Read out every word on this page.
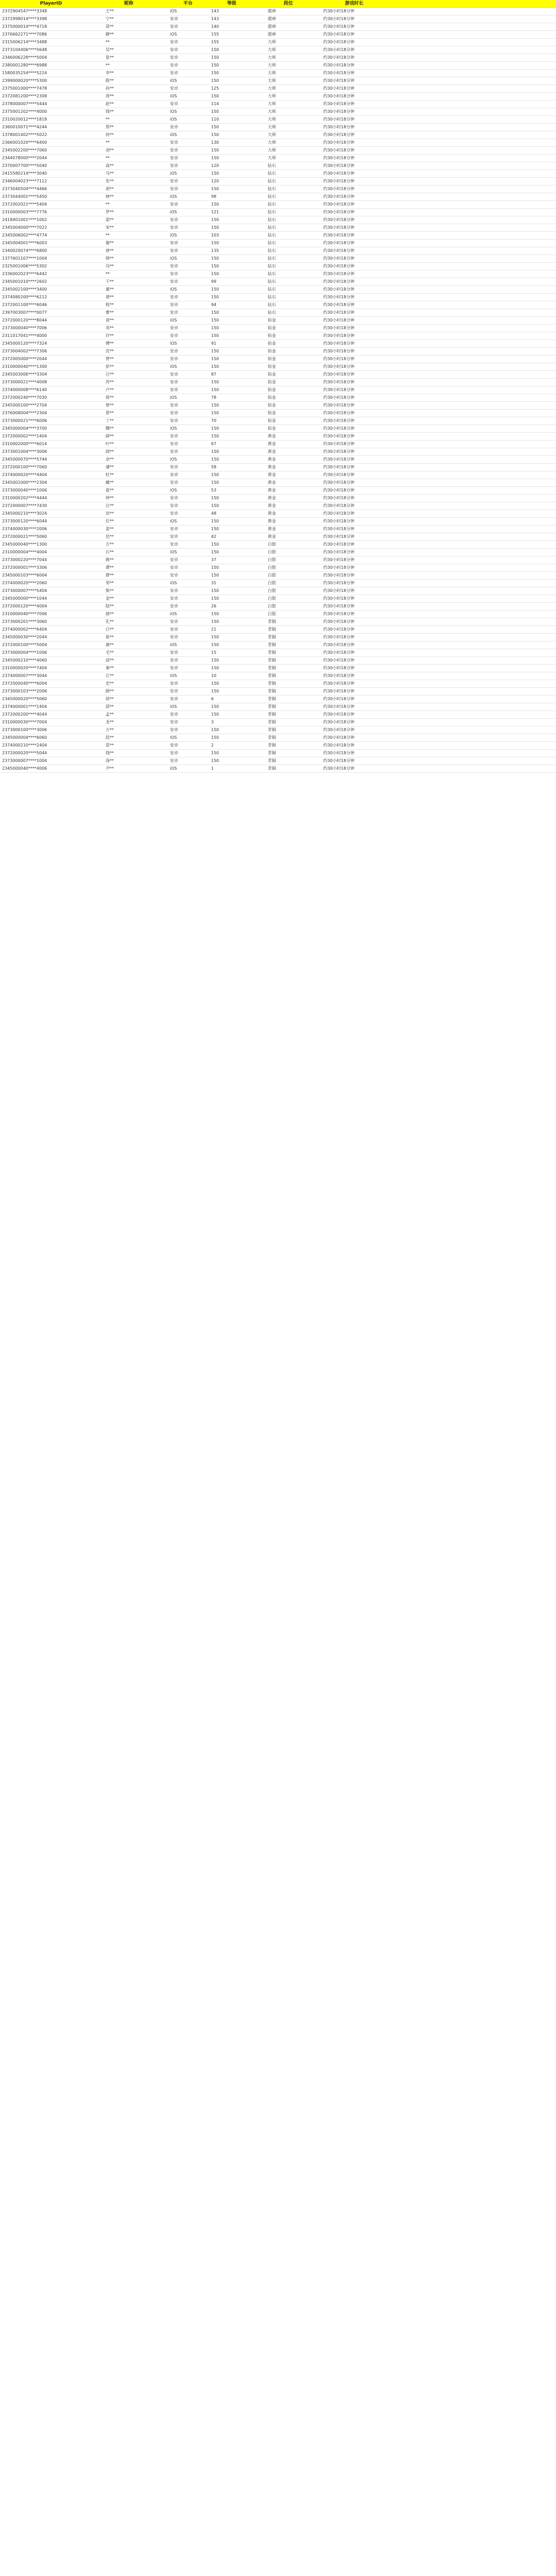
PlayerID	昵称	平台	等级	段位	游戏时长
2372904547****3348	王**	iOS	143	超神	约30小时18分钟
2372998014****3398	宁**	安卓	143	超神	约30小时18分钟
2375000014****4718	哥**	安卓	140	超神	约30小时18分钟
2376662271****7086	静**	iOS	155	超神	约30小时18分钟
2315006214****3488	**	安卓	155	大师	约30小时18分钟
2373104406****5648	吴**	安卓	150	大师	约30小时18分钟
2346006228****5004	张**	安卓	150	大师	约30小时18分钟
2380001280****6988	**	安卓	150	大师	约30小时18分钟
1580035254****5224	李**	安卓	150	大师	约30小时18分钟
2399000020****5300	陈**	iOS	150	大师	约30小时18分钟
2375001000****7478	孙**	安卓	125	大师	约30小时18分钟
2372081200****2308	周**	iOS	150	大师	约30小时18分钟
2378000007****5444	赵**	安卓	114	大师	约30小时18分钟
2375001202****4000	钱**	iOS	150	大师	约30小时18分钟
2310020012****1818	**	iOS	110	大师	约30小时18分钟
2360010071****4244	郑**	安卓	150	大师	约30小时18分钟
1378001402****5022	何**	iOS	150	大师	约30小时18分钟
2366001020****6400	**	安卓	130	大师	约30小时18分钟
2345002200****7060	刘**	安卓	150	大师	约30小时18分钟
2344078000****2044	**	安卓	150	大师	约30小时18分钟
2370007700****5040	高**	安卓	120	钻石	约30小时18分钟
2415580214****3040	马**	iOS	150	钻石	约30小时18分钟
2346004023****7112	朱**	安卓	120	钻石	约30小时18分钟
2373040504****4466	胡**	安卓	150	钻石	约30小时18分钟
2373044001****5450	林**	iOS	98	钻石	约30小时18分钟
2372002021****5404	**	安卓	150	钻石	约30小时18分钟
2310000003****7776	罗**	iOS	121	钻石	约30小时18分钟
2418401001****1002	梁**	安卓	150	钻石	约30小时18分钟
2345004000****7022	宋**	安卓	150	钻石	约30小时18分钟
2345006002****4774	**	iOS	103	钻石	约30小时18分钟
2345004001****6003	谢**	安卓	150	钻石	约30小时18分钟
2340020074****6800	唐**	安卓	135	钻石	约30小时18分钟
1377601107****1004	韩**	iOS	150	钻石	约30小时18分钟
2325001006****5302	冯**	安卓	150	钻石	约30小时18分钟
2336002023****6442	**	安卓	150	钻石	约30小时18分钟
2345001010****2602	于**	安卓	99	钻石	约30小时18分钟
2345002100****3400	董**	iOS	150	钻石	约30小时18分钟
2374080200****6212	萧**	安卓	150	钻石	约30小时18分钟
2372001100****6046	程**	安卓	94	钻石	约30小时18分钟
2397003007****0077	曹**	安卓	150	钻石	约30小时18分钟
2372000120****8044	袁**	iOS	150	铂金	约30小时18分钟
2373000040****7006	邓**	安卓	150	铂金	约30小时18分钟
2311017041****4000	许**	安卓	150	铂金	约30小时18分钟
2345000120****7324	傅**	iOS	91	铂金	约30小时18分钟
2373004002****7306	沈**	安卓	150	铂金	约30小时18分钟
2372005000****2044	曾**	安卓	150	铂金	约30小时18分钟
2310000040****1300	彭**	iOS	150	铂金	约30小时18分钟
2345003006****3304	吕**	安卓	87	铂金	约30小时18分钟
2373000021****4008	苏**	安卓	150	铂金	约30小时18分钟
2374000008****6140	卢**	安卓	150	铂金	约30小时18分钟
2372000240****7030	蒋**	iOS	78	铂金	约30小时18分钟
2345000100****2704	蔡**	安卓	150	铂金	约30小时18分钟
2376008004****2304	贾**	安卓	150	铂金	约30小时18分钟
2373000021****6006	丁**	安卓	70	铂金	约30小时18分钟
2345000004****3700	魏**	iOS	150	铂金	约30小时18分钟
2372000002****1404	薛**	安卓	150	黄金	约30小时18分钟
2310002000****6014	叶**	安卓	67	黄金	约30小时18分钟
2373001004****3006	阎**	安卓	150	黄金	约30小时18分钟
2345000070****5744	余**	iOS	150	黄金	约30小时18分钟
2372000100****7060	潘**	安卓	58	黄金	约30小时18分钟
2374000020****4404	杜**	安卓	150	黄金	约30小时18分钟
2345001000****2304	戴**	安卓	150	黄金	约30小时18分钟
2373000040****1006	夏**	iOS	53	黄金	约30小时18分钟
2310000202****4444	钟**	安卓	150	黄金	约30小时18分钟
2372000007****7430	汪**	安卓	150	黄金	约30小时18分钟
2345000210****3024	田**	安卓	48	黄金	约30小时18分钟
2373000120****6044	任**	iOS	150	黄金	约30小时18分钟
2374000030****2006	姜**	安卓	150	黄金	约30小时18分钟
2372000021****5060	范**	安卓	42	黄金	约30小时18分钟
2345000040****1300	方**	安卓	150	白银	约30小时18分钟
2310000004****4004	石**	iOS	150	白银	约30小时18分钟
2373000220****7044	姚**	安卓	37	白银	约30小时18分钟
2372000001****3306	谭**	安卓	150	白银	约30小时18分钟
2345000103****6004	廖**	安卓	150	白银	约30小时18分钟
2374000020****2060	邹**	iOS	31	白银	约30小时18分钟
2373000007****5404	熊**	安卓	150	白银	约30小时18分钟
2345000000****1044	金**	安卓	150	白银	约30小时18分钟
2372000120****4004	陆**	安卓	26	白银	约30小时18分钟
2310000040****7006	郝**	iOS	150	白银	约30小时18分钟
2373000201****3060	孔**	安卓	150	青铜	约30小时18分钟
2374000002****6404	白**	安卓	21	青铜	约30小时18分钟
2345000030****2044	崔**	安卓	150	青铜	约30小时18分钟
2372000100****5004	康**	iOS	150	青铜	约30小时18分钟
2373000004****1006	毛**	安卓	15	青铜	约30小时18分钟
2345000210****4060	邱**	安卓	150	青铜	约30小时18分钟
2310000020****7404	秦**	安卓	150	青铜	约30小时18分钟
2374000007****3044	江**	iOS	10	青铜	约30小时18分钟
2372000040****6004	史**	安卓	150	青铜	约30小时18分钟
2373000103****2006	顾**	安卓	150	青铜	约30小时18分钟
2345000020****5060	侯**	安卓	6	青铜	约30小时18分钟
2374000001****1404	邵**	iOS	150	青铜	约30小时18分钟
2372000200****4044	孟**	安卓	150	青铜	约30小时18分钟
2310000030****7004	龙**	安卓	3	青铜	约30小时18分钟
2373000100****3006	万**	安卓	150	青铜	约30小时18分钟
2345000004****6060	段**	iOS	150	青铜	约30小时18分钟
2374000210****2404	雷**	安卓	2	青铜	约30小时18分钟
2372000020****5044	钱**	安卓	150	青铜	约30小时18分钟
2373000007****1004	汤**	安卓	150	青铜	约30小时18分钟
2345000040****4006	尹**	iOS	1	青铜	约30小时18分钟
